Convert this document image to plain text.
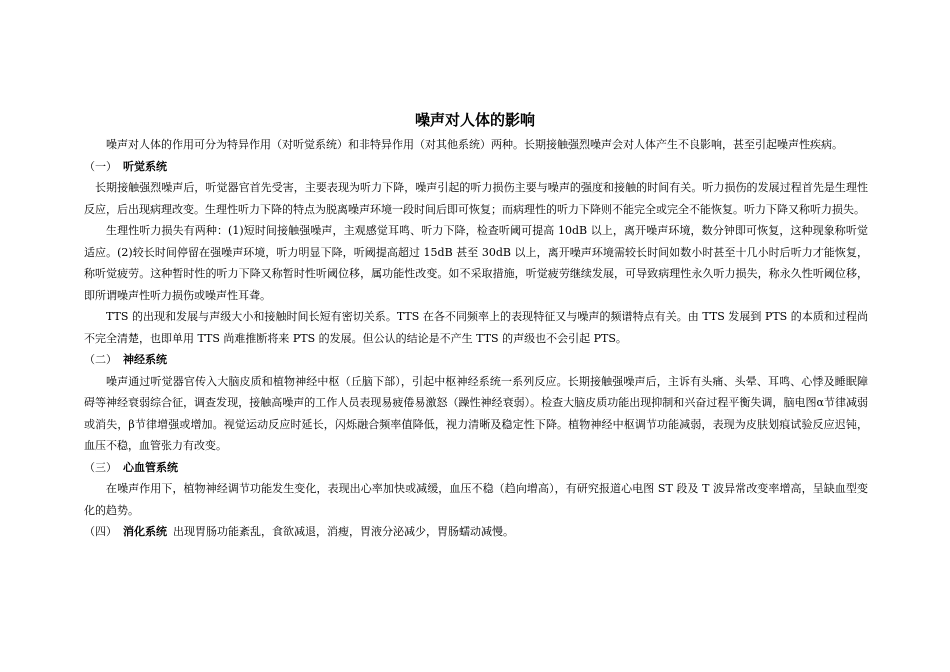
噪声对人体的影响

噪声对人体的作用可分为特异作用（对听觉系统）和非特异作用（对其他系统）两种。长期接触强烈噪声会对人体产生不良影响，甚至引起噪声性疾病。

（一） 听觉系统

长期接触强烈噪声后，听觉器官首先受害，主要表现为听力下降，噪声引起的听力损伤主要与噪声的强度和接触的时间有关。听力损伤的发展过程首先是生理性反应，后出现病理改变。生理性听力下降的特点为脱离噪声环境一段时间后即可恢复；而病理性的听力下降则不能完全或完全不能恢复。听力下降又称听力损失。

生理性听力损失有两种：(1)短时间接触强噪声，主观感觉耳鸣、听力下降，检查听阈可提高 10dB 以上，离开噪声环境，数分钟即可恢复，这种现象称听觉适应。(2)较长时间停留在强噪声环境，听力明显下降，听阈提高超过 15dB 甚至 30dB 以上，离开噪声环境需较长时间如数小时甚至十几小时后听力才能恢复，称听觉疲劳。这种暂时性的听力下降又称暂时性听阈位移，属功能性改变。如不采取措施，听觉疲劳继续发展，可导致病理性永久听力损失，称永久性听阈位移，即所谓噪声性听力损伤或噪声性耳聋。

TTS 的出现和发展与声级大小和接触时间长短有密切关系。TTS 在各不同频率上的表现特征又与噪声的频谱特点有关。由 TTS 发展到 PTS 的本质和过程尚不完全清楚，也即单用 TTS 尚难推断将来 PTS 的发展。但公认的结论是不产生 TTS 的声级也不会引起 PTS。

（二） 神经系统

噪声通过听觉器官传入大脑皮质和植物神经中枢（丘脑下部），引起中枢神经系统一系列反应。长期接触强噪声后，主诉有头痛、头晕、耳鸣、心悸及睡眠障碍等神经衰弱综合征，调查发现，接触高噪声的工作人员表现易疲倦易激怒（躁性神经衰弱）。检查大脑皮质功能出现抑制和兴奋过程平衡失调，脑电图α节律减弱或消失，β节律增强或增加。视觉运动反应时延长，闪烁融合频率值降低，视力清晰及稳定性下降。植物神经中枢调节功能减弱，表现为皮肤划痕试验反应迟钝，血压不稳，血管张力有改变。

（三） 心血管系统

在噪声作用下，植物神经调节功能发生变化，表现出心率加快或减缓，血压不稳（趋向增高），有研究报道心电图 ST 段及 T 波异常改变率增高，呈缺血型变化的趋势。

（四） 消化系统 出现胃肠功能紊乱，食欲减退，消瘦，胃液分泌减少，胃肠蠕动减慢。
